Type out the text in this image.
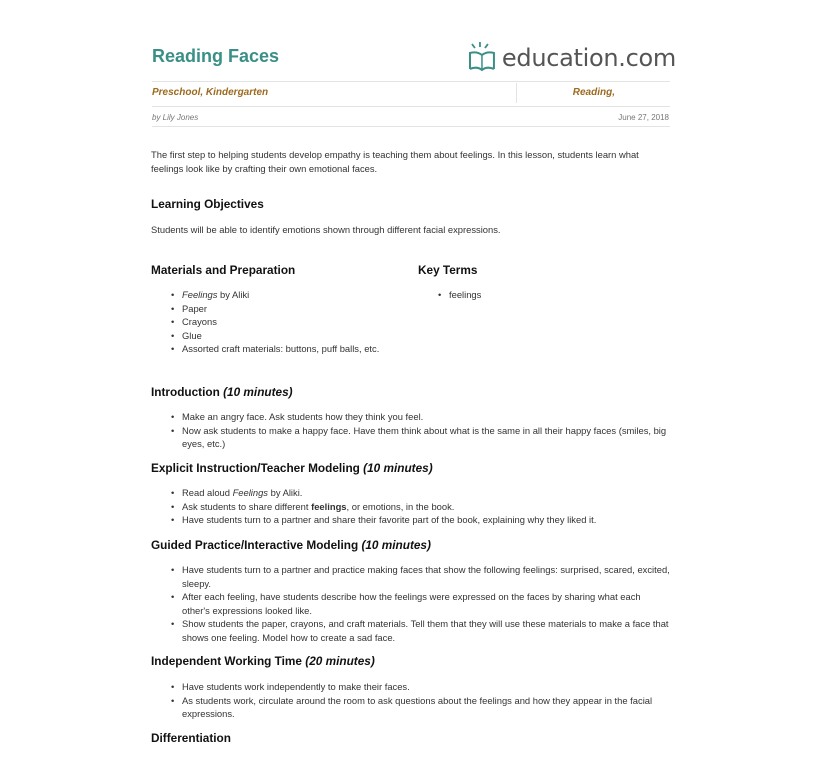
Reading Faces	education.com
Preschool, Kindergarten	Reading,
by Lily Jones	June 27, 2018
The first step to helping students develop empathy is teaching them about feelings. In this lesson, students learn what feelings look like by crafting their own emotional faces.
Learning Objectives
Students will be able to identify emotions shown through different facial expressions.
Materials and Preparation
• Feelings by Aliki
• Paper
• Crayons
• Glue
• Assorted craft materials: buttons, puff balls, etc.
Key Terms
• feelings
Introduction (10 minutes)
• Make an angry face. Ask students how they think you feel.
• Now ask students to make a happy face. Have them think about what is the same in all their happy faces (smiles, big eyes, etc.)
Explicit Instruction/Teacher Modeling (10 minutes)
• Read aloud Feelings by Aliki.
• Ask students to share different feelings, or emotions, in the book.
• Have students turn to a partner and share their favorite part of the book, explaining why they liked it.
Guided Practice/Interactive Modeling (10 minutes)
• Have students turn to a partner and practice making faces that show the following feelings: surprised, scared, excited, sleepy.
• After each feeling, have students describe how the feelings were expressed on the faces by sharing what each other's expressions looked like.
• Show students the paper, crayons, and craft materials. Tell them that they will use these materials to make a face that shows one feeling. Model how to create a sad face.
Independent Working Time (20 minutes)
• Have students work independently to make their faces.
• As students work, circulate around the room to ask questions about the feelings and how they appear in the facial expressions.
Differentiation
